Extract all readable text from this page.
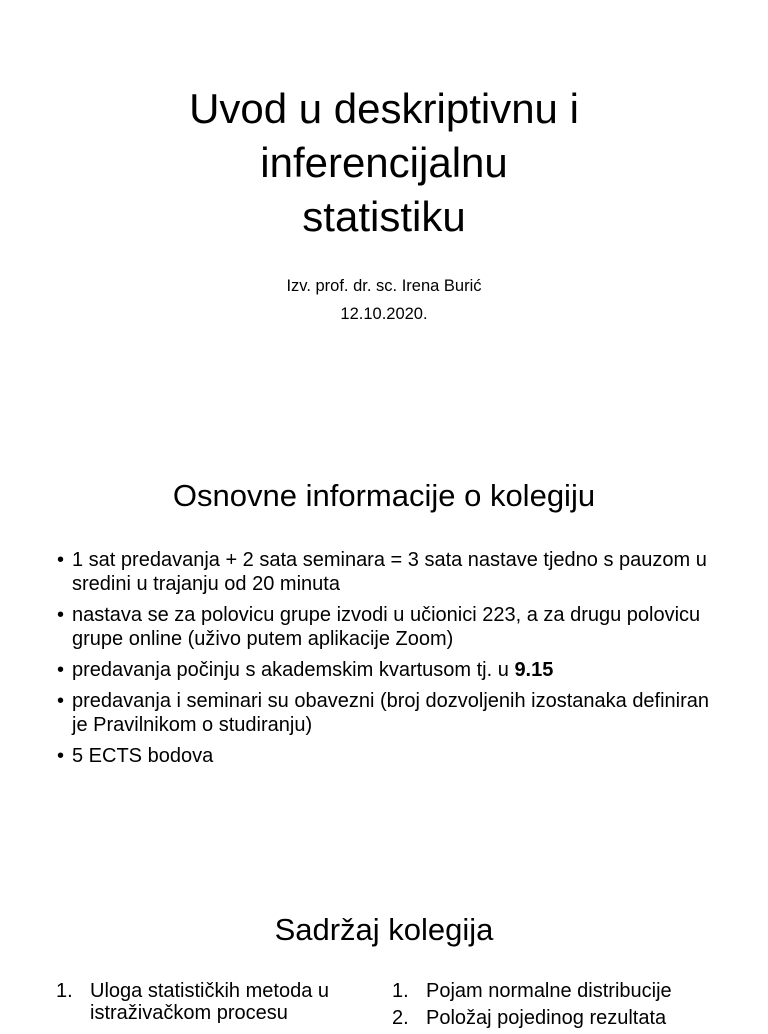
Uvod u deskriptivnu i
inferencijalnu
statistiku
Izv. prof. dr. sc. Irena Burić
12.10.2020.
Osnovne informacije o kolegiju
• 1 sat predavanja + 2 sata seminara = 3 sata nastave tjedno s pauzom u sredini u trajanju od 20 minuta
• nastava se za polovicu grupe izvodi u učionici 223, a za drugu polovicu grupe online (uživo putem aplikacije Zoom)
• predavanja počinju s akademskim kvartusom tj. u 9.15
• predavanja i seminari su obavezni (broj dozvoljenih izostanaka definiran je Pravilnikom o studiranju)
• 5 ECTS bodova
Sadržaj kolegija
1. Uloga statističkih metoda u istraživačkom procesu
1. Pojam normalne distribucije
2. Položaj pojedinog rezultata
